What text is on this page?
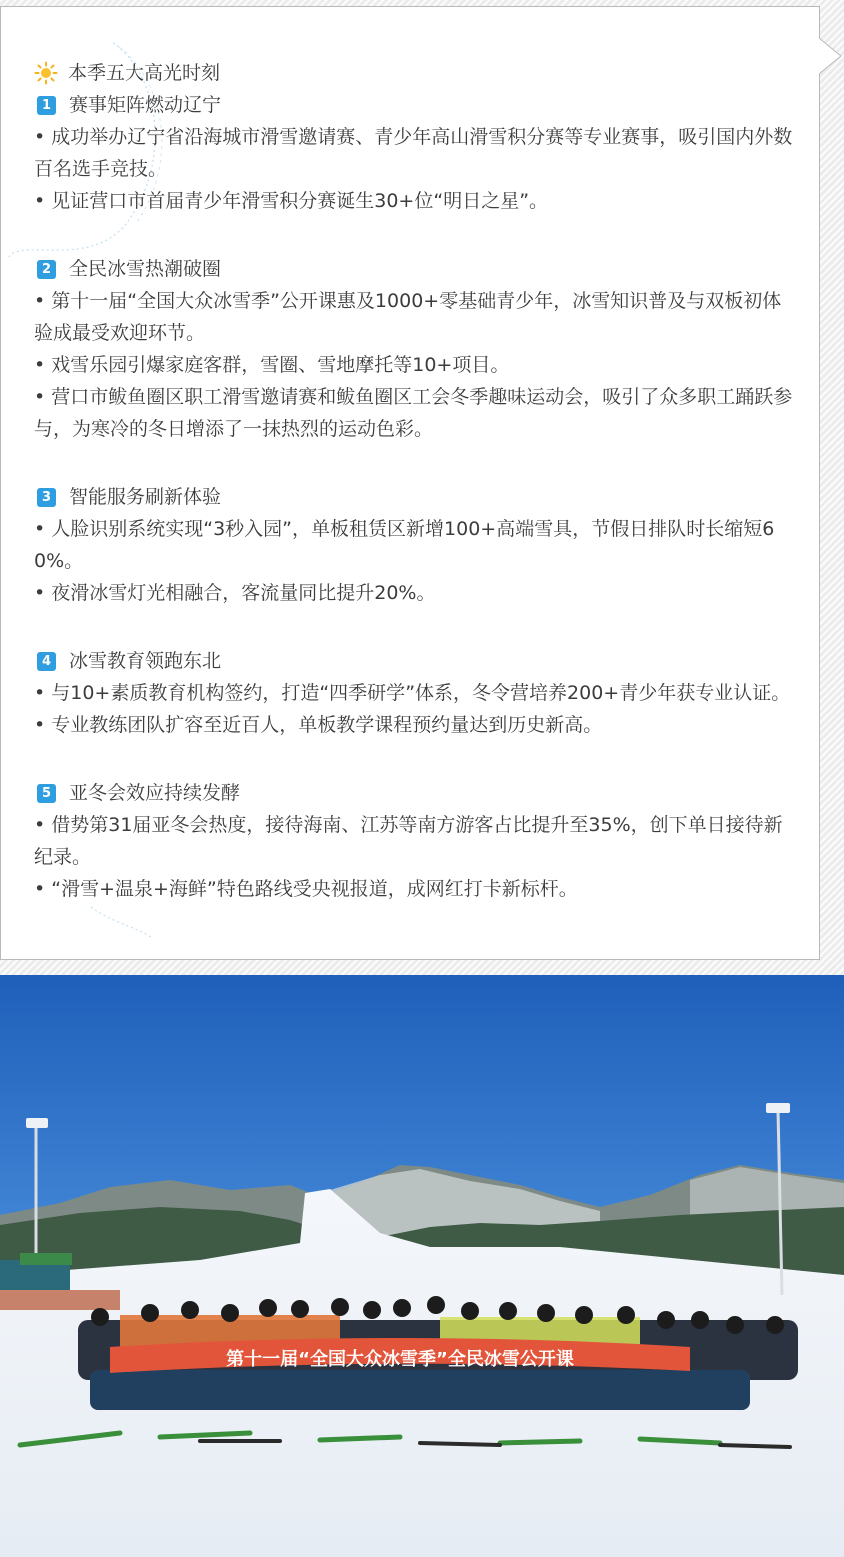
本季五大高光时刻
1 赛事矩阵燃动辽宁
• 成功举办辽宁省沿海城市滑雪邀请赛、青少年高山滑雪积分赛等专业赛事，吸引国内外数百名选手竞技。
• 见证营口市首届青少年滑雪积分赛诞生30+位“明日之星”。
2 全民冰雪热潮破圈
• 第十一届“全国大众冰雪季”公开课惠及1000+零基础青少年，冰雪知识普及与双板初体验成最受欢迎环节。
• 戏雪乐园引爆家庭客群，雪圈、雪地摩托等10+项目。
• 营口市鲅鱼圈区职工滑雪邀请赛和鲅鱼圈区工会冬季趣味运动会，吸引了众多职工踊跃参与，为寒冷的冬日增添了一抹热烈的运动色彩。
3 智能服务刷新体验
• 人脸识别系统实现“3秒入园”，单板租赁区新增100+高端雪具，节假日排队时长缩短60%。
• 夜滑冰雪灯光相融合，客流量同比提升20%。
4 冰雪教育领跑东北
• 与10+素质教育机构签约，打造“四季研学”体系，冬令营培养200+青少年获专业认证。
• 专业教练团队扩容至近百人，单板教学课程预约量达到历史新高。
5 亚冬会效应持续发酵
• 借势第31届亚冬会热度，接待海南、江苏等南方游客占比提升至35%，创下单日接待新纪录。
• “滑雪+温泉+海鲜”特色路线受央视报道，成网红打卡新标杆。
第十一届“全国大众冰雪季”全民冰雪公开课
